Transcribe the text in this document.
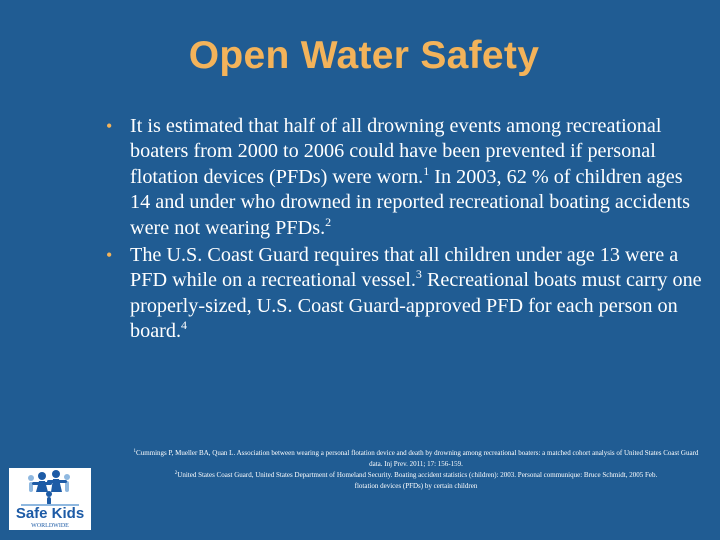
Open Water Safety
• It is estimated that half of all drowning events among recreational boaters from 2000 to 2006 could have been prevented if personal flotation devices (PFDs) were worn.$^1$ In 2003, 62 % of children ages 14 and under who drowned in reported recreational boating accidents were not wearing PFDs.$^2$
• The U.S. Coast Guard requires that all children under age 13 were a PFD while on a recreational vessel.$^3$ Recreational boats must carry one properly-sized, U.S. Coast Guard-approved PFD for each person on board.$^4$
$^1$Cummings P, Mueller BA, Quan L. Association between wearing a personal flotation device and death by drowning among recreational boaters: a matched cohort analysis of United States Coast Guard data. Inj Prev. 2011; 17: 156-159.
$^2$United States Coast Guard, United States Department of Homeland Security. Boating accident statistics (children): 2003. Personal communique: Bruce Schmidt, 2005 Feb.
flotation devices (PFDs) by certain children
Safe Kids
WORLDWIDE
